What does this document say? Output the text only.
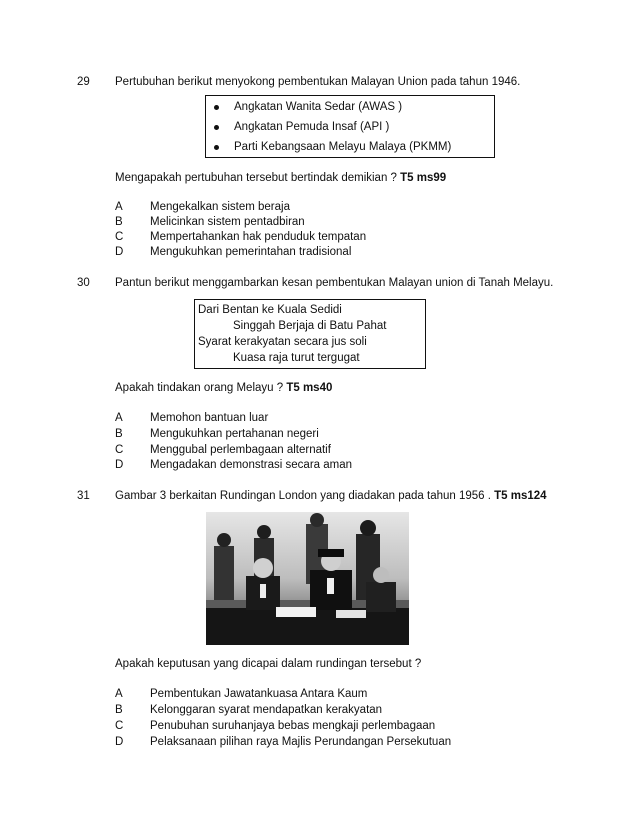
29 Pertubuhan berikut menyokong pembentukan Malayan Union pada tahun 1946.
Angkatan Wanita Sedar (AWAS )
Angkatan Pemuda Insaf (API )
Parti Kebangsaan Melayu Malaya (PKMM)
Mengapakah pertubuhan tersebut bertindak demikian ? T5 ms99
A Mengekalkan sistem beraja
B Melicinkan sistem pentadbiran
C Mempertahankan hak penduduk tempatan
D Mengukuhkan pemerintahan tradisional
30 Pantun berikut menggambarkan kesan pembentukan Malayan union di Tanah Melayu.
Dari Bentan ke Kuala Sedidi
Singgah Berjaja di Batu Pahat
Syarat kerakyatan secara jus soli
Kuasa raja turut tergugat
Apakah tindakan orang Melayu ? T5 ms40
A Memohon bantuan luar
B Mengukuhkan pertahanan negeri
C Menggubal perlembagaan alternatif
D Mengadakan demonstrasi secara aman
31 Gambar 3 berkaitan Rundingan London yang diadakan pada tahun 1956 . T5 ms124
Apakah keputusan yang dicapai dalam rundingan tersebut ?
A Pembentukan Jawatankuasa Antara Kaum
B Kelonggaran syarat mendapatkan kerakyatan
C Penubuhan suruhanjaya bebas mengkaji perlembagaan
D Pelaksanaan pilihan raya Majlis Perundangan Persekutuan
